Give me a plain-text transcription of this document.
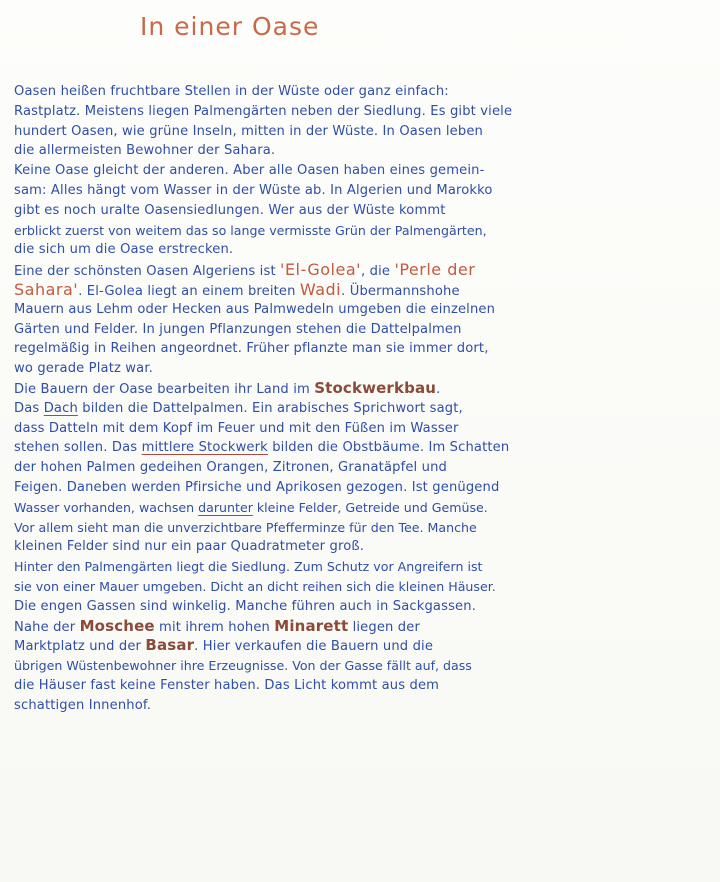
In einer Oase
Oasen heißen fruchtbare Stellen in der Wüste oder ganz einfach:
Rastplatz. Meistens liegen Palmengärten neben der Siedlung. Es gibt viele
hundert Oasen, wie grüne Inseln, mitten in der Wüste. In Oasen leben
die allermeisten Bewohner der Sahara.
Keine Oase gleicht der anderen. Aber alle Oasen haben eines gemein-
sam: Alles hängt vom Wasser in der Wüste ab. In Algerien und Marokko
gibt es noch uralte Oasensiedlungen. Wer aus der Wüste kommt
erblickt zuerst von weitem das so lange vermisste Grün der Palmengärten,
die sich um die Oase erstrecken.
Eine der schönsten Oasen Algeriens ist 'El-Golea', die 'Perle der
Sahara'. El-Golea liegt an einem breiten Wadi. Übermannshohe
Mauern aus Lehm oder Hecken aus Palmwedeln umgeben die einzelnen
Gärten und Felder. In jungen Pflanzungen stehen die Dattelpalmen
regelmäßig in Reihen angeordnet. Früher pflanzte man sie immer dort,
wo gerade Platz war.
Die Bauern der Oase bearbeiten ihr Land im Stockwerkbau.
Das Dach bilden die Dattelpalmen. Ein arabisches Sprichwort sagt,
dass Datteln mit dem Kopf im Feuer und mit den Füßen im Wasser
stehen sollen. Das mittlere Stockwerk bilden die Obstbäume. Im Schatten
der hohen Palmen gedeihen Orangen, Zitronen, Granatäpfel und
Feigen. Daneben werden Pfirsiche und Aprikosen gezogen. Ist genügend
Wasser vorhanden, wachsen darunter kleine Felder, Getreide und Gemüse.
Vor allem sieht man die unverzichtbare Pfefferminze für den Tee. Manche
kleinen Felder sind nur ein paar Quadratmeter groß.
Hinter den Palmengärten liegt die Siedlung. Zum Schutz vor Angreifern ist
sie von einer Mauer umgeben. Dicht an dicht reihen sich die kleinen Häuser.
Die engen Gassen sind winkelig. Manche führen auch in Sackgassen.
Nahe der Moschee mit ihrem hohen Minarett liegen der
Marktplatz und der Basar. Hier verkaufen die Bauern und die
übrigen Wüstenbewohner ihre Erzeugnisse. Von der Gasse fällt auf, dass
die Häuser fast keine Fenster haben. Das Licht kommt aus dem
schattigen Innenhof.
